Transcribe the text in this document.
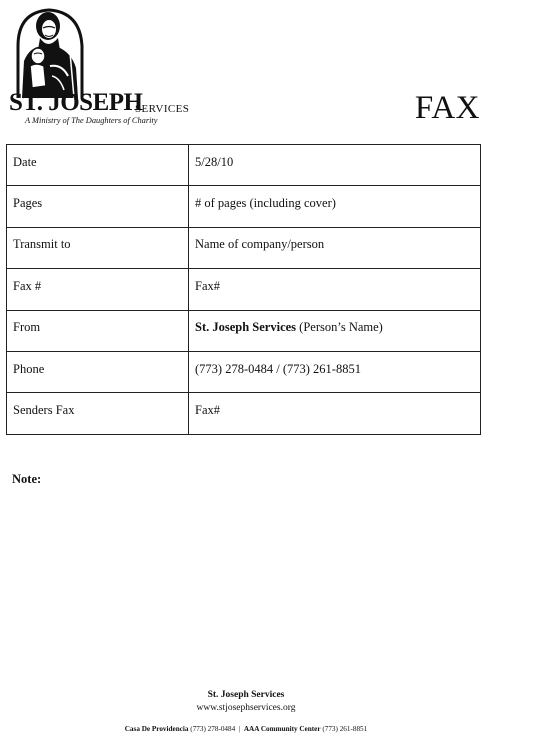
ST. JOSEPH
SERVICES
A Ministry of The Daughters of Charity	FAX
Date	5/28/10
Pages	# of pages (including cover)
Transmit to	Name of company/person
Fax #	Fax#
From	St. Joseph Services (Person’s Name)
Phone	(773) 278-0484 / (773) 261-8851
Senders Fax	Fax#
Note:
St. Joseph Services
www.stjosephservices.org
Casa De Providencia (773) 278-0484  |  AAA Community Center (773) 261-8851
